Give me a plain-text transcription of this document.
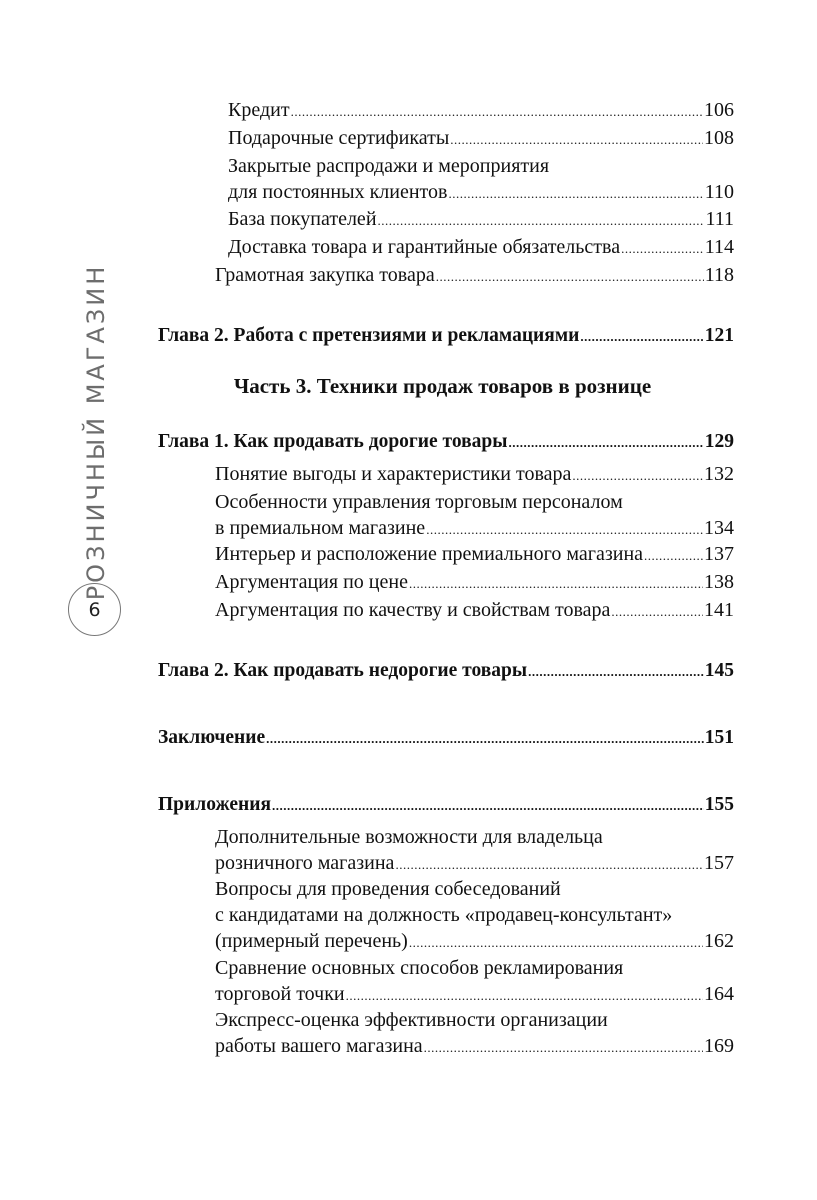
РОЗНИЧНЫЙ МАГАЗИН
6
Кредит .....	106
Подарочные сертификаты .....	108
Закрытые распродажи и мероприятия
для постоянных клиентов .....	110
База покупателей .....	111
Доставка товара и гарантийные обязательства .....	114
Грамотная закупка товара .....	118
Глава 2. Работа с претензиями и рекламациями .....	121
Часть 3. Техники продаж товаров в рознице
Глава 1. Как продавать дорогие товары .....	129
Понятие выгоды и характеристики товара .....	132
Особенности управления торговым персоналом
в премиальном магазине .....	134
Интерьер и расположение премиального магазина .....	137
Аргументация по цене .....	138
Аргументация по качеству и свойствам товара .....	141
Глава 2. Как продавать недорогие товары .....	145
Заключение .....	151
Приложения .....	155
Дополнительные возможности для владельца
розничного магазина .....	157
Вопросы для проведения собеседований
с кандидатами на должность «продавец-консультант»
(примерный перечень) .....	162
Сравнение основных способов рекламирования
торговой точки .....	164
Экспресс-оценка эффективности организации
работы вашего магазина .....	169
